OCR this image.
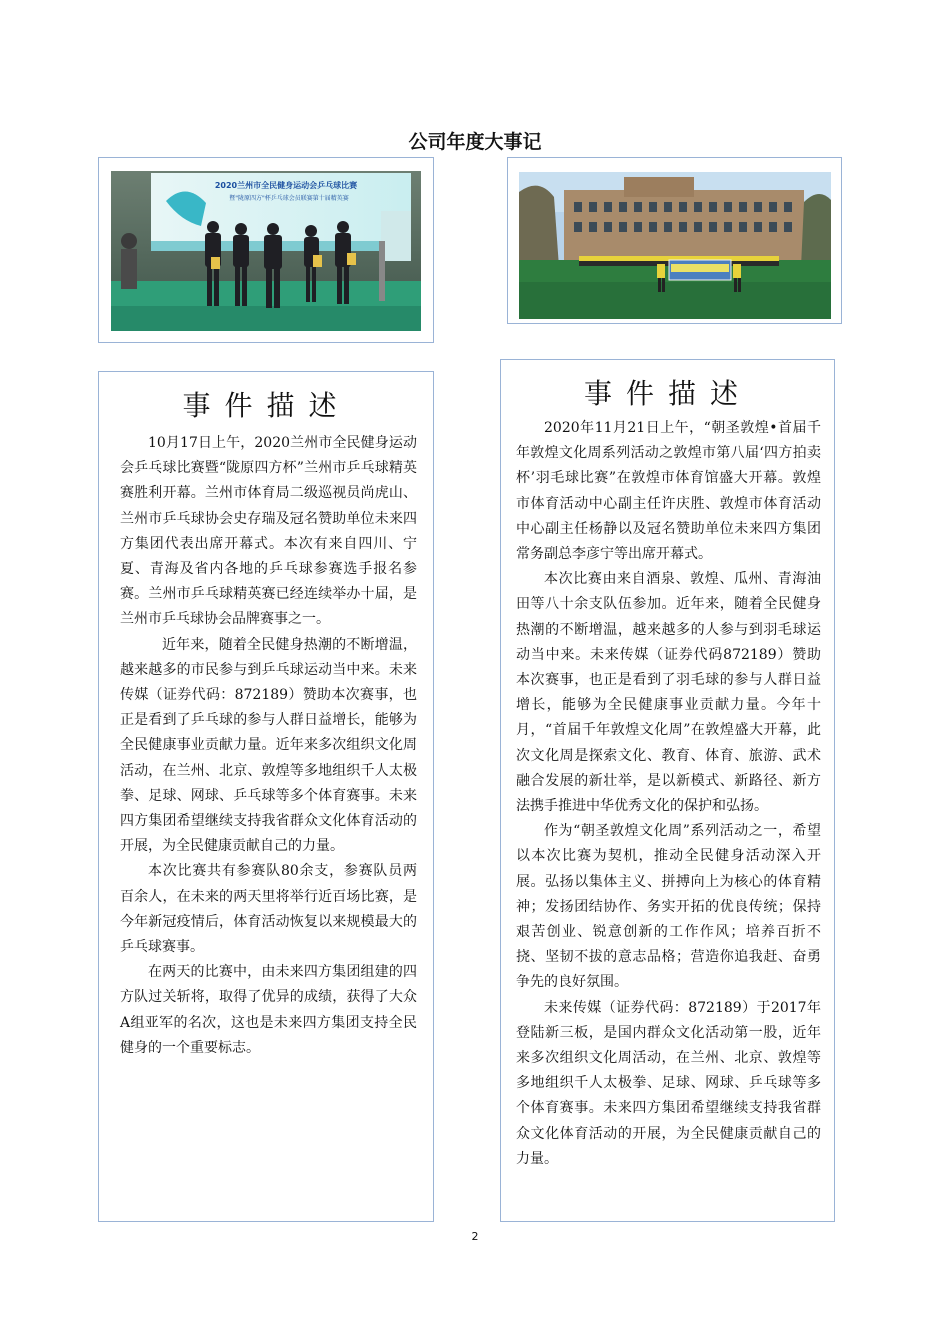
公司年度大事记
2020兰州市全民健身运动会乒乓球比赛
暨"陇原四方"杯乒乓球会员联赛第十届精英赛
事件描述

10月17日上午，2020兰州市全民健身运动会乒乓球比赛暨“陇原四方杯”兰州市乒乓球精英赛胜利开幕。兰州市体育局二级巡视员尚虎山、兰州市乒乓球协会史存瑞及冠名赞助单位未来四方集团代表出席开幕式。本次有来自四川、宁夏、青海及省内各地的乒乓球参赛选手报名参赛。兰州市乒乓球精英赛已经连续举办十届，是兰州市乒乓球协会品牌赛事之一。

近年来，随着全民健身热潮的不断增温，越来越多的市民参与到乒乓球运动当中来。未来传媒（证券代码：872189）赞助本次赛事，也正是看到了乒乓球的参与人群日益增长，能够为全民健康事业贡献力量。近年来多次组织文化周活动，在兰州、北京、敦煌等多地组织千人太极拳、足球、网球、乒乓球等多个体育赛事。未来四方集团希望继续支持我省群众文化体育活动的开展，为全民健康贡献自己的力量。

本次比赛共有参赛队80余支，参赛队员两百余人，在未来的两天里将举行近百场比赛，是今年新冠疫情后，体育活动恢复以来规模最大的乒乓球赛事。

在两天的比赛中，由未来四方集团组建的四方队过关斩将，取得了优异的成绩，获得了大众A组亚军的名次，这也是未来四方集团支持全民健身的一个重要标志。

事件描述

2020年11月21日上午，“朝圣敦煌•首届千年敦煌文化周系列活动之敦煌市第八届‘四方拍卖杯’羽毛球比赛”在敦煌市体育馆盛大开幕。敦煌市体育活动中心副主任许庆胜、敦煌市体育活动中心副主任杨静以及冠名赞助单位未来四方集团常务副总李彦宁等出席开幕式。

本次比赛由来自酒泉、敦煌、瓜州、青海油田等八十余支队伍参加。近年来，随着全民健身热潮的不断增温，越来越多的人参与到羽毛球运动当中来。未来传媒（证券代码872189）赞助本次赛事，也正是看到了羽毛球的参与人群日益增长，能够为全民健康事业贡献力量。今年十月，“首届千年敦煌文化周”在敦煌盛大开幕，此次文化周是探索文化、教育、体育、旅游、武术融合发展的新壮举，是以新模式、新路径、新方法携手推进中华优秀文化的保护和弘扬。

作为“朝圣敦煌文化周”系列活动之一，希望以本次比赛为契机，推动全民健身活动深入开展。弘扬以集体主义、拼搏向上为核心的体育精神；发扬团结协作、务实开拓的优良传统；保持艰苦创业、锐意创新的工作作风；培养百折不挠、坚韧不拔的意志品格；营造你追我赶、奋勇争先的良好氛围。

未来传媒（证券代码：872189）于2017年登陆新三板，是国内群众文化活动第一股，近年来多次组织文化周活动，在兰州、北京、敦煌等多地组织千人太极拳、足球、网球、乒乓球等多个体育赛事。未来四方集团希望继续支持我省群众文化体育活动的开展，为全民健康贡献自己的力量。

2
